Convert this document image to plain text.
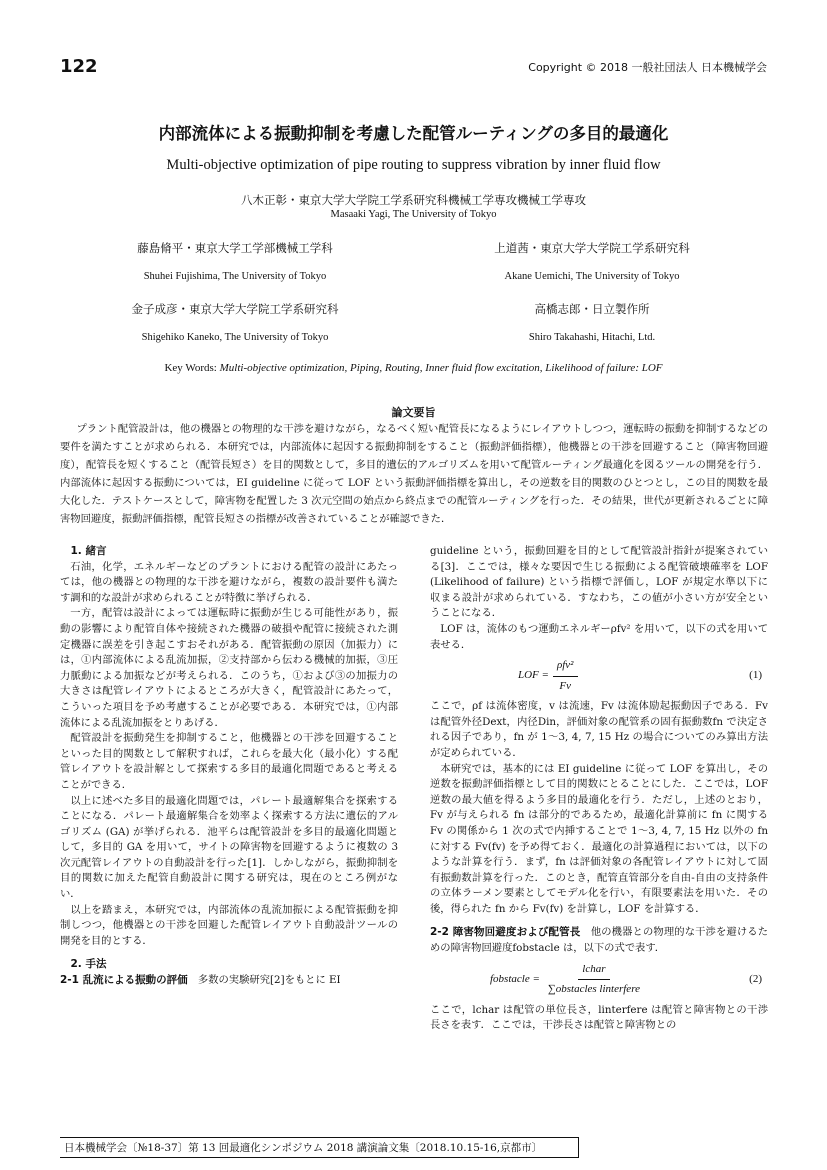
122	Copyright © 2018 一般社団法人 日本機械学会
内部流体による振動抑制を考慮した配管ルーティングの多目的最適化
Multi-objective optimization of pipe routing to suppress vibration by inner fluid flow
八木正彰・東京大学大学院工学系研究科機械工学専攻機械工学専攻
Masaaki Yagi, The University of Tokyo
藤島脩平・東京大学工学部機械工学科	上道茜・東京大学大学院工学系研究科
Shuhei Fujishima, The University of Tokyo	Akane Uemichi, The University of Tokyo
金子成彦・東京大学大学院工学系研究科	高橋志郎・日立製作所
Shigehiko Kaneko, The University of Tokyo	Shiro Takahashi, Hitachi, Ltd.
Key Words: Multi-objective optimization, Piping, Routing, Inner fluid flow excitation, Likelihood of failure: LOF
論文要旨

プラント配管設計は，他の機器との物理的な干渉を避けながら，なるべく短い配管長になるようにレイアウトしつつ，運転時の振動を抑制するなどの要件を満たすことが求められる．本研究では，内部流体に起因する振動抑制をすること（振動評価指標），他機器との干渉を回避すること（障害物回避度），配管長を短くすること（配管長短さ）を目的関数として，多目的遺伝的アルゴリズムを用いて配管ルーティング最適化を図るツールの開発を行う．内部流体に起因する振動については，EI guideline に従って LOF という振動評価指標を算出し，その逆数を目的関数のひとつとし，この目的関数を最大化した．テストケースとして，障害物を配置した 3 次元空間の始点から終点までの配管ルーティングを行った．その結果，世代が更新されるごとに障害物回避度，振動評価指標，配管長短さの指標が改善されていることが確認できた．

1. 緒言

石油，化学，エネルギーなどのプラントにおける配管の設計にあたっては，他の機器との物理的な干渉を避けながら，複数の設計要件も満たす調和的な設計が求められることが特徴に挙げられる．

一方，配管は設計によっては運転時に振動が生じる可能性があり，振動の影響により配管自体や接続された機器の破損や配管に接続された測定機器に誤差を引き起こすおそれがある．配管振動の原因（加振力）には，①内部流体による乱流加振，②支持部から伝わる機械的加振，③圧力脈動による加振などが考えられる．このうち，①および③の加振力の大きさは配管レイアウトによるところが大きく，配管設計にあたって，こういった項目を予め考慮することが必要である．本研究では，①内部流体による乱流加振をとりあげる．

配管設計を振動発生を抑制すること，他機器との干渉を回避することといった目的関数として解釈すれば，これらを最大化（最小化）する配管レイアウトを設計解として探索する多目的最適化問題であると考えることができる．

以上に述べた多目的最適化問題では，パレート最適解集合を探索することになる．パレート最適解集合を効率よく探索する方法に遺伝的アルゴリズム (GA) が挙げられる．池平らは配管設計を多目的最適化問題として，多目的 GA を用いて，サイトの障害物を回避するように複数の 3 次元配管レイアウトの自動設計を行った[1]．しかしながら，振動抑制を目的関数に加えた配管自動設計に関する研究は，現在のところ例がない．

以上を踏まえ，本研究では，内部流体の乱流加振による配管振動を抑制しつつ，他機器との干渉を回避した配管レイアウト自動設計ツールの開発を目的とする．

2. 手法

2-1 乱流による振動の評価　 多数の実験研究[2]をもとに EI

guideline という，振動回避を目的として配管設計指針が提案されている[3]．ここでは，様々な要因で生じる振動による配管破壊確率を LOF (Likelihood of failure) という指標で評価し，LOF が規定水準以下に収まる設計が求められている．すなわち，この値が小さい方が安全ということになる．

LOF は，流体のもつ運動エネルギーρfv² を用いて，以下の式を用いて表せる．

LOF = $\frac{\text{ρfv²}}{Fv}$	(1)

ここで，ρf は流体密度，v は流速，Fv は流体励起振動因子である．Fv は配管外径Dext，内径Din，評価対象の配管系の固有振動数fn で決定される因子であり，fn が 1～3, 4, 7, 15 Hz の場合についてのみ算出方法が定められている．

本研究では，基本的には EI guideline に従って LOF を算出し，その逆数を振動評価指標として目的関数にとることにした．ここでは，LOF 逆数の最大値を得るよう多目的最適化を行う．ただし，上述のとおり，Fv が与えられる fn は部分的であるため，最適化計算前に fn に関する Fv の関係から 1 次の式で内挿することで 1～3, 4, 7, 15 Hz 以外の fn に対する Fv(fv) を予め得ておく．最適化の計算過程においては，以下のような計算を行う．まず，fn は評価対象の各配管レイアウトに対して固有振動数計算を行った．このとき，配管直管部分を自由-自由の支持条件の立体ラーメン要素としてモデル化を行い，有限要素法を用いた．その後，得られた fn から Fv(fv) を計算し，LOF を計算する．

2-2 障害物回避度および配管長　 他の機器との物理的な干渉を避けるための障害物回避度fobstacle は，以下の式で表す．

fobstacle = $\frac{\text{lchar}}{\text{∑obstacles linterfere}}$	(2)

ここで，lchar は配管の単位長さ，linterfere は配管と障害物との干渉長さを表す．ここでは，干渉長さは配管と障害物との

日本機械学会〔№18-37〕第 13 回最適化シンポジウム 2018 講演論文集〔2018.10.15-16,京都市〕
